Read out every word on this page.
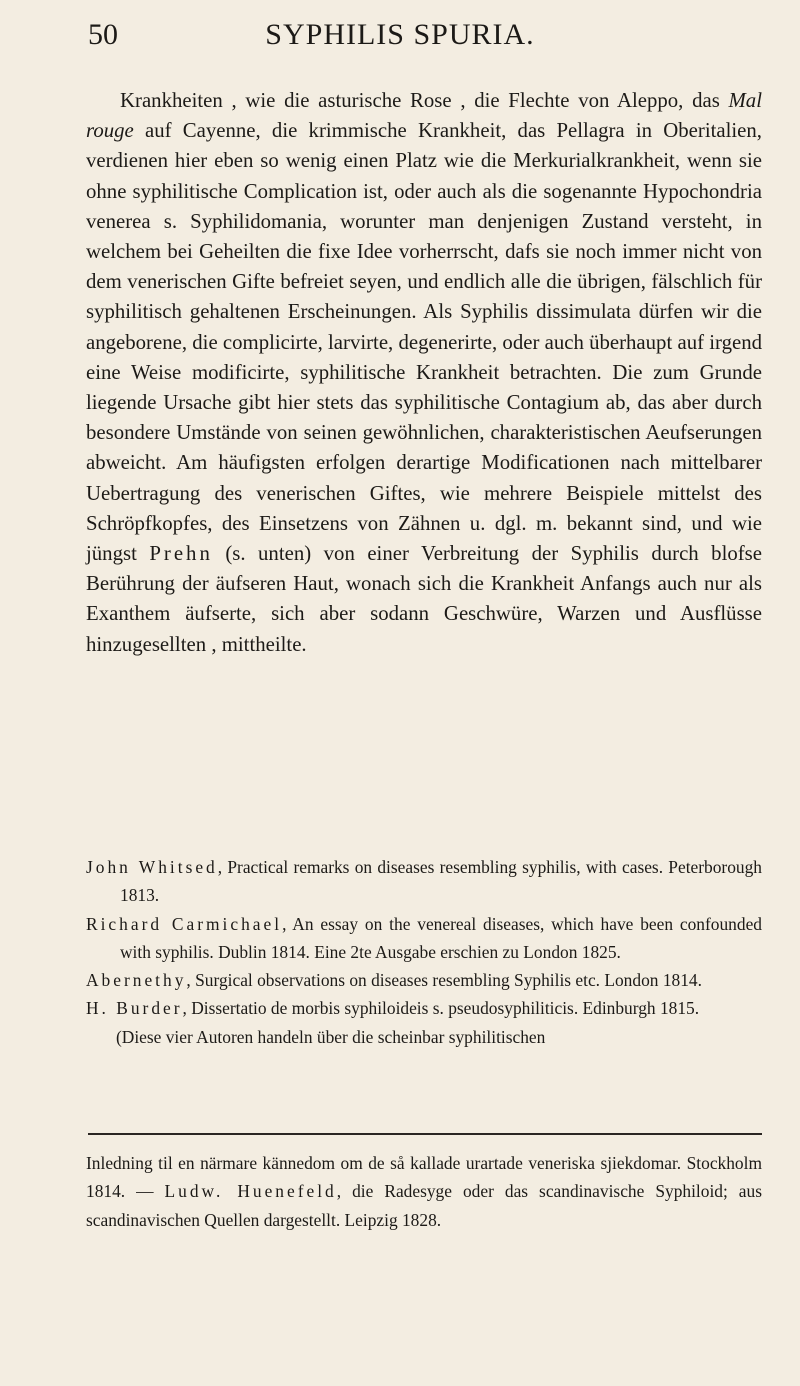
50	SYPHILIS SPURIA.

Krankheiten , wie die asturische Rose , die Flechte von Aleppo, das Mal rouge auf Cayenne, die krimmische Krankheit, das Pellagra in Oberitalien, verdienen hier eben so wenig einen Platz wie die Merkurialkrankheit, wenn sie ohne syphilitische Complication ist, oder auch als die sogenannte Hypochondria venerea s. Syphilidomania, worunter man denjenigen Zustand versteht, in welchem bei Geheilten die fixe Idee vorherrscht, dafs sie noch immer nicht von dem venerischen Gifte befreiet seyen, und endlich alle die übrigen, fälschlich für syphilitisch gehaltenen Erscheinungen. Als Syphilis dissimulata dürfen wir die angeborene, die complicirte, larvirte, degenerirte, oder auch überhaupt auf irgend eine Weise modificirte, syphilitische Krankheit betrachten. Die zum Grunde liegende Ursache gibt hier stets das syphilitische Contagium ab, das aber durch besondere Umstände von seinen gewöhnlichen, charakteristischen Aeufserungen abweicht. Am häufigsten erfolgen derartige Modificationen nach mittelbarer Uebertragung des venerischen Giftes, wie mehrere Beispiele mittelst des Schröpfkopfes, des Einsetzens von Zähnen u. dgl. m. bekannt sind, und wie jüngst Prehn (s. unten) von einer Verbreitung der Syphilis durch blofse Berührung der äufseren Haut, wonach sich die Krankheit Anfangs auch nur als Exanthem äufserte, sich aber sodann Geschwüre, Warzen und Ausflüsse hinzugesellten , mittheilte.

John Whitsed, Practical remarks on diseases resembling syphilis, with cases. Peterborough 1813.

Richard Carmichael, An essay on the venereal diseases, which have been confounded with syphilis. Dublin 1814. Eine 2te Ausgabe erschien zu London 1825.

Abernethy, Surgical observations on diseases resembling Syphilis etc. London 1814.

H. Burder, Dissertatio de morbis syphiloideis s. pseudosyphiliticis. Edinburgh 1815.

(Diese vier Autoren handeln über die scheinbar syphilitischen

Inledning til en närmare kännedom om de så kallade urartade veneriska sjiekdomar. Stockholm 1814. — Ludw. Huenefeld, die Radesyge oder das scandinavische Syphiloid; aus scandinavischen Quellen dargestellt. Leipzig 1828.
